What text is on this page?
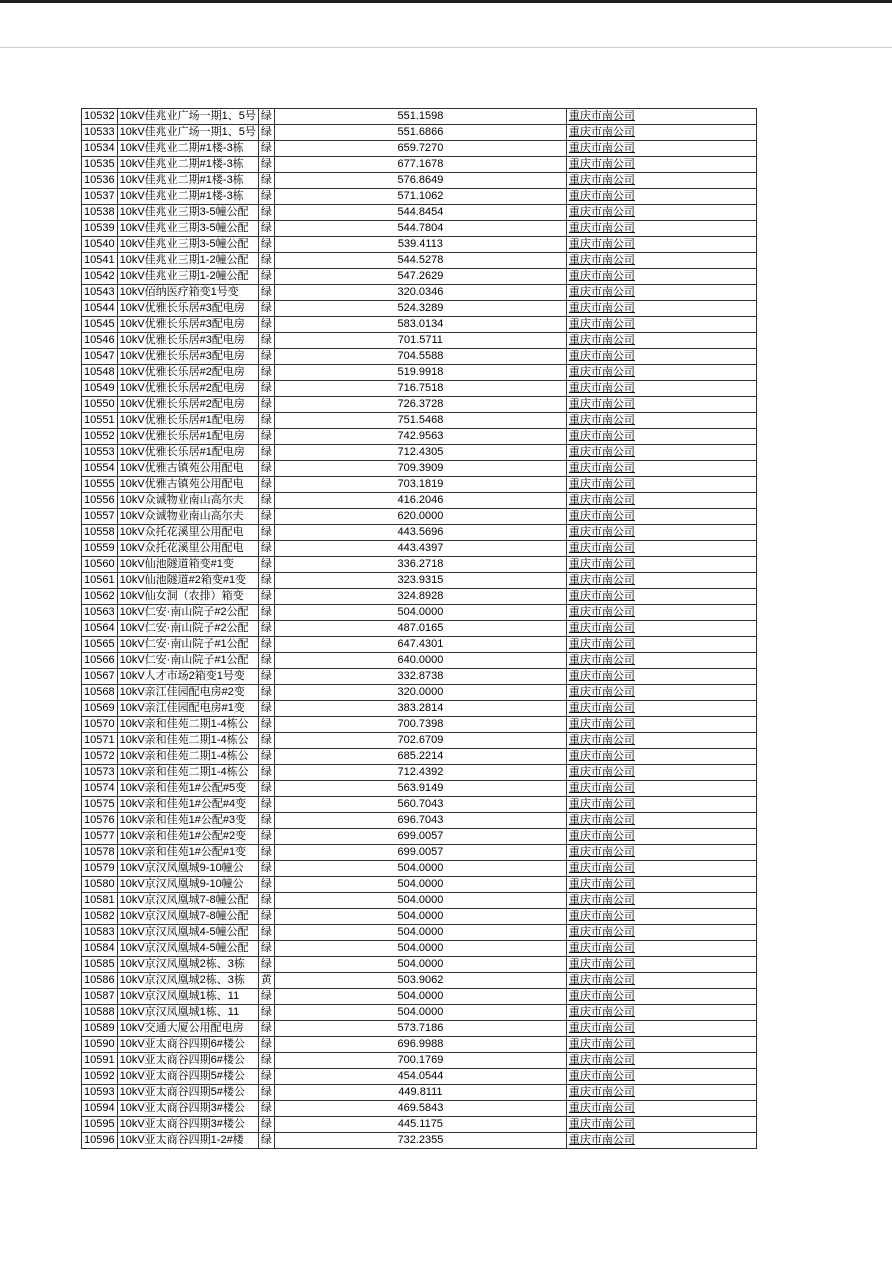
10532	10kV佳兆业广场一期1、5号	绿	551.1598	重庆市南公司
10533	10kV佳兆业广场一期1、5号	绿	551.6866	重庆市南公司
10534	10kV佳兆业二期#1楼-3栋	绿	659.7270	重庆市南公司
10535	10kV佳兆业二期#1楼-3栋	绿	677.1678	重庆市南公司
10536	10kV佳兆业二期#1楼-3栋	绿	576.8649	重庆市南公司
10537	10kV佳兆业二期#1楼-3栋	绿	571.1062	重庆市南公司
10538	10kV佳兆业三期3-5幢公配	绿	544.8454	重庆市南公司
10539	10kV佳兆业三期3-5幢公配	绿	544.7804	重庆市南公司
10540	10kV佳兆业三期3-5幢公配	绿	539.4113	重庆市南公司
10541	10kV佳兆业三期1-2幢公配	绿	544.5278	重庆市南公司
10542	10kV佳兆业三期1-2幢公配	绿	547.2629	重庆市南公司
10543	10kV佰纳医疗箱变1号变	绿	320.0346	重庆市南公司
10544	10kV优雅长乐居#3配电房	绿	524.3289	重庆市南公司
10545	10kV优雅长乐居#3配电房	绿	583.0134	重庆市南公司
10546	10kV优雅长乐居#3配电房	绿	701.5711	重庆市南公司
10547	10kV优雅长乐居#3配电房	绿	704.5588	重庆市南公司
10548	10kV优雅长乐居#2配电房	绿	519.9918	重庆市南公司
10549	10kV优雅长乐居#2配电房	绿	716.7518	重庆市南公司
10550	10kV优雅长乐居#2配电房	绿	726.3728	重庆市南公司
10551	10kV优雅长乐居#1配电房	绿	751.5468	重庆市南公司
10552	10kV优雅长乐居#1配电房	绿	742.9563	重庆市南公司
10553	10kV优雅长乐居#1配电房	绿	712.4305	重庆市南公司
10554	10kV优雅古镇苑公用配电	绿	709.3909	重庆市南公司
10555	10kV优雅古镇苑公用配电	绿	703.1819	重庆市南公司
10556	10kV众诚物业南山高尔夫	绿	416.2046	重庆市南公司
10557	10kV众诚物业南山高尔夫	绿	620.0000	重庆市南公司
10558	10kV众托花溪里公用配电	绿	443.5696	重庆市南公司
10559	10kV众托花溪里公用配电	绿	443.4397	重庆市南公司
10560	10kV仙池隧道箱变#1变	绿	336.2718	重庆市南公司
10561	10kV仙池隧道#2箱变#1变	绿	323.9315	重庆市南公司
10562	10kV仙女洞（农排）箱变	绿	324.8928	重庆市南公司
10563	10kV仁安·南山院子#2公配	绿	504.0000	重庆市南公司
10564	10kV仁安·南山院子#2公配	绿	487.0165	重庆市南公司
10565	10kV仁安·南山院子#1公配	绿	647.4301	重庆市南公司
10566	10kV仁安·南山院子#1公配	绿	640.0000	重庆市南公司
10567	10kV人才市场2箱变1号变	绿	332.8738	重庆市南公司
10568	10kV亲江佳园配电房#2变	绿	320.0000	重庆市南公司
10569	10kV亲江佳园配电房#1变	绿	383.2814	重庆市南公司
10570	10kV亲和佳苑二期1-4栋公	绿	700.7398	重庆市南公司
10571	10kV亲和佳苑二期1-4栋公	绿	702.6709	重庆市南公司
10572	10kV亲和佳苑二期1-4栋公	绿	685.2214	重庆市南公司
10573	10kV亲和佳苑二期1-4栋公	绿	712.4392	重庆市南公司
10574	10kV亲和佳苑1#公配#5变	绿	563.9149	重庆市南公司
10575	10kV亲和佳苑1#公配#4变	绿	560.7043	重庆市南公司
10576	10kV亲和佳苑1#公配#3变	绿	696.7043	重庆市南公司
10577	10kV亲和佳苑1#公配#2变	绿	699.0057	重庆市南公司
10578	10kV亲和佳苑1#公配#1变	绿	699.0057	重庆市南公司
10579	10kV京汉凤凰城9-10幢公	绿	504.0000	重庆市南公司
10580	10kV京汉凤凰城9-10幢公	绿	504.0000	重庆市南公司
10581	10kV京汉凤凰城7-8幢公配	绿	504.0000	重庆市南公司
10582	10kV京汉凤凰城7-8幢公配	绿	504.0000	重庆市南公司
10583	10kV京汉凤凰城4-5幢公配	绿	504.0000	重庆市南公司
10584	10kV京汉凤凰城4-5幢公配	绿	504.0000	重庆市南公司
10585	10kV京汉凤凰城2栋、3栋	绿	504.0000	重庆市南公司
10586	10kV京汉凤凰城2栋、3栋	黄	503.9062	重庆市南公司
10587	10kV京汉凤凰城1栋、11	绿	504.0000	重庆市南公司
10588	10kV京汉凤凰城1栋、11	绿	504.0000	重庆市南公司
10589	10kV交通大厦公用配电房	绿	573.7186	重庆市南公司
10590	10kV亚太商谷四期6#楼公	绿	696.9988	重庆市南公司
10591	10kV亚太商谷四期6#楼公	绿	700.1769	重庆市南公司
10592	10kV亚太商谷四期5#楼公	绿	454.0544	重庆市南公司
10593	10kV亚太商谷四期5#楼公	绿	449.8111	重庆市南公司
10594	10kV亚太商谷四期3#楼公	绿	469.5843	重庆市南公司
10595	10kV亚太商谷四期3#楼公	绿	445.1175	重庆市南公司
10596	10kV亚太商谷四期1-2#楼	绿	732.2355	重庆市南公司
